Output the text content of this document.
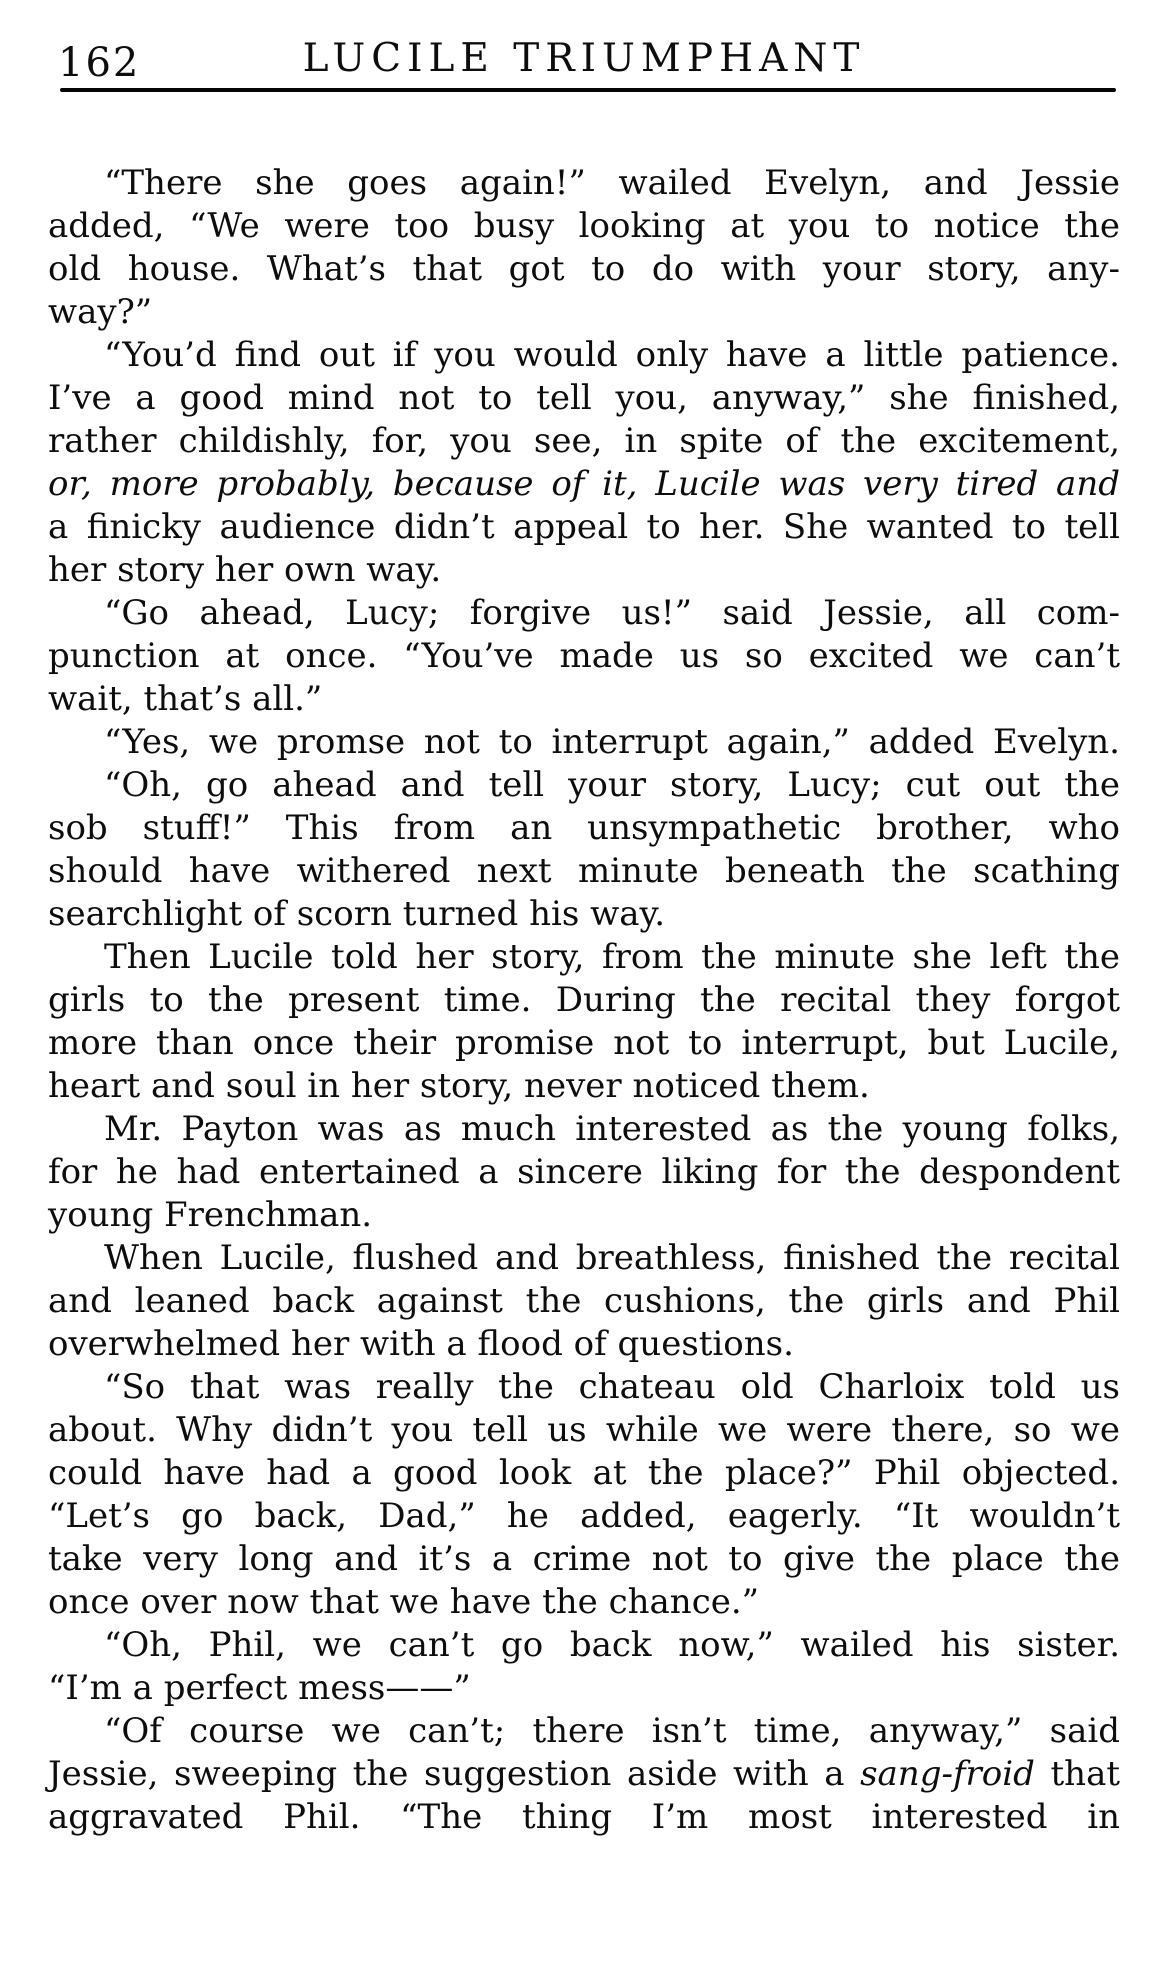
162	LUCILE TRIUMPHANT
“There she goes again!” wailed Evelyn, and Jessie
added, “We were too busy looking at you to notice the
old house. What’s that got to do with your story, any-
way?”
“You’d find out if you would only have a little patience.
I’ve a good mind not to tell you, anyway,” she finished,
rather childishly, for, you see, in spite of the excitement,
or, more probably, because of it, Lucile was very tired and
a finicky audience didn’t appeal to her. She wanted to tell
her story her own way.
“Go ahead, Lucy; forgive us!” said Jessie, all com-
punction at once. “You’ve made us so excited we can’t
wait, that’s all.”
“Yes, we promse not to interrupt again,” added Evelyn.
“Oh, go ahead and tell your story, Lucy; cut out the
sob stuff!” This from an unsympathetic brother, who
should have withered next minute beneath the scathing
searchlight of scorn turned his way.
Then Lucile told her story, from the minute she left the
girls to the present time. During the recital they forgot
more than once their promise not to interrupt, but Lucile,
heart and soul in her story, never noticed them.
Mr. Payton was as much interested as the young folks,
for he had entertained a sincere liking for the despondent
young Frenchman.
When Lucile, flushed and breathless, finished the recital
and leaned back against the cushions, the girls and Phil
overwhelmed her with a flood of questions.
“So that was really the chateau old Charloix told us
about. Why didn’t you tell us while we were there, so we
could have had a good look at the place?” Phil objected.
“Let’s go back, Dad,” he added, eagerly. “It wouldn’t
take very long and it’s a crime not to give the place the
once over now that we have the chance.”
“Oh, Phil, we can’t go back now,” wailed his sister.
“I’m a perfect mess——”
“Of course we can’t; there isn’t time, anyway,” said
Jessie, sweeping the suggestion aside with a sang-froid that
aggravated Phil. “The thing I’m most interested in
